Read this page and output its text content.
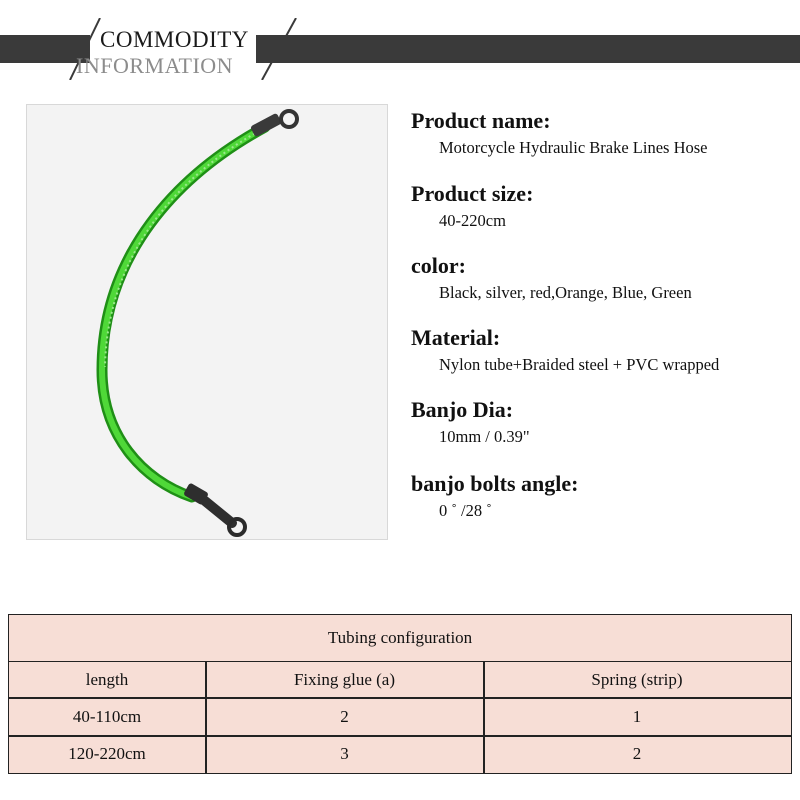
COMMODITY
INFORMATION
Product name:
Motorcycle Hydraulic Brake Lines Hose
Product size:
40-220cm
color:
Black, silver, red,Orange, Blue, Green
Material:
Nylon tube+Braided steel + PVC wrapped
Banjo Dia:
10mm / 0.39"
banjo bolts angle:
0 ˚ /28 ˚
Tubing configuration
length	Fixing glue (a)	Spring (strip)
40-110cm	2	1
120-220cm	3	2
